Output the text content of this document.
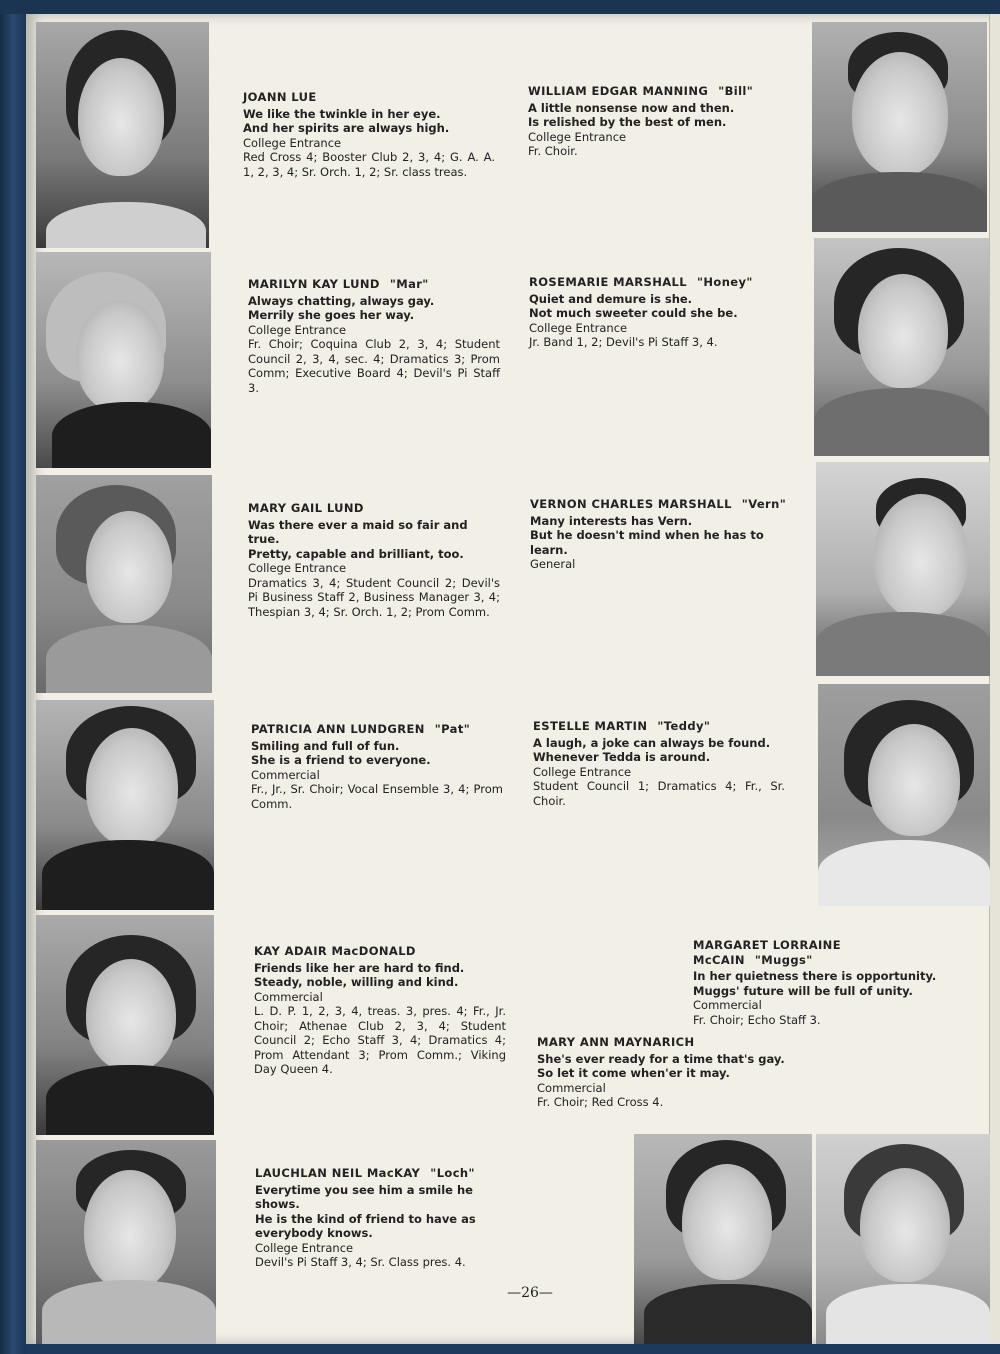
JOANN LUE
We like the twinkle in her eye.
And her spirits are always high.
College Entrance
Red Cross 4; Booster Club 2, 3, 4; G. A. A. 1, 2, 3, 4; Sr. Orch. 1, 2; Sr. class treas.
WILLIAM EDGAR MANNING "Bill"
A little nonsense now and then.
Is relished by the best of men.
College Entrance
Fr. Choir.
MARILYN KAY LUND "Mar"
Always chatting, always gay.
Merrily she goes her way.
College Entrance
Fr. Choir; Coquina Club 2, 3, 4; Student Council 2, 3, 4, sec. 4; Dramatics 3; Prom Comm; Executive Board 4; Devil's Pi Staff 3.
ROSEMARIE MARSHALL "Honey"
Quiet and demure is she.
Not much sweeter could she be.
College Entrance
Jr. Band 1, 2; Devil's Pi Staff 3, 4.
MARY GAIL LUND
Was there ever a maid so fair and true.
Pretty, capable and brilliant, too.
College Entrance
Dramatics 3, 4; Student Council 2; Devil's Pi Business Staff 2, Business Manager 3, 4; Thespian 3, 4; Sr. Orch. 1, 2; Prom Comm.
VERNON CHARLES MARSHALL "Vern"
Many interests has Vern.
But he doesn't mind when he has to
learn.
General
PATRICIA ANN LUNDGREN "Pat"
Smiling and full of fun.
She is a friend to everyone.
Commercial
Fr., Jr., Sr. Choir; Vocal Ensemble 3, 4; Prom Comm.
ESTELLE MARTIN "Teddy"
A laugh, a joke can always be found.
Whenever Tedda is around.
College Entrance
Student Council 1; Dramatics 4; Fr., Sr. Choir.
KAY ADAIR MacDONALD
Friends like her are hard to find.
Steady, noble, willing and kind.
Commercial
L. D. P. 1, 2, 3, 4, treas. 3, pres. 4; Fr., Jr. Choir; Athenae Club 2, 3, 4; Student Council 2; Echo Staff 3, 4; Dramatics 4; Prom Attendant 3; Prom Comm.; Viking Day Queen 4.
MARGARET LORRAINE McCAIN "Muggs"
In her quietness there is opportunity.
Muggs' future will be full of unity.
Commercial
Fr. Choir; Echo Staff 3.
MARY ANN MAYNARICH
She's ever ready for a time that's gay.
So let it come when'er it may.
Commercial
Fr. Choir; Red Cross 4.
LAUCHLAN NEIL MacKAY "Loch"
Everytime you see him a smile he shows.
He is the kind of friend to have as
everybody knows.
College Entrance
Devil's Pi Staff 3, 4; Sr. Class pres. 4.
—26—
